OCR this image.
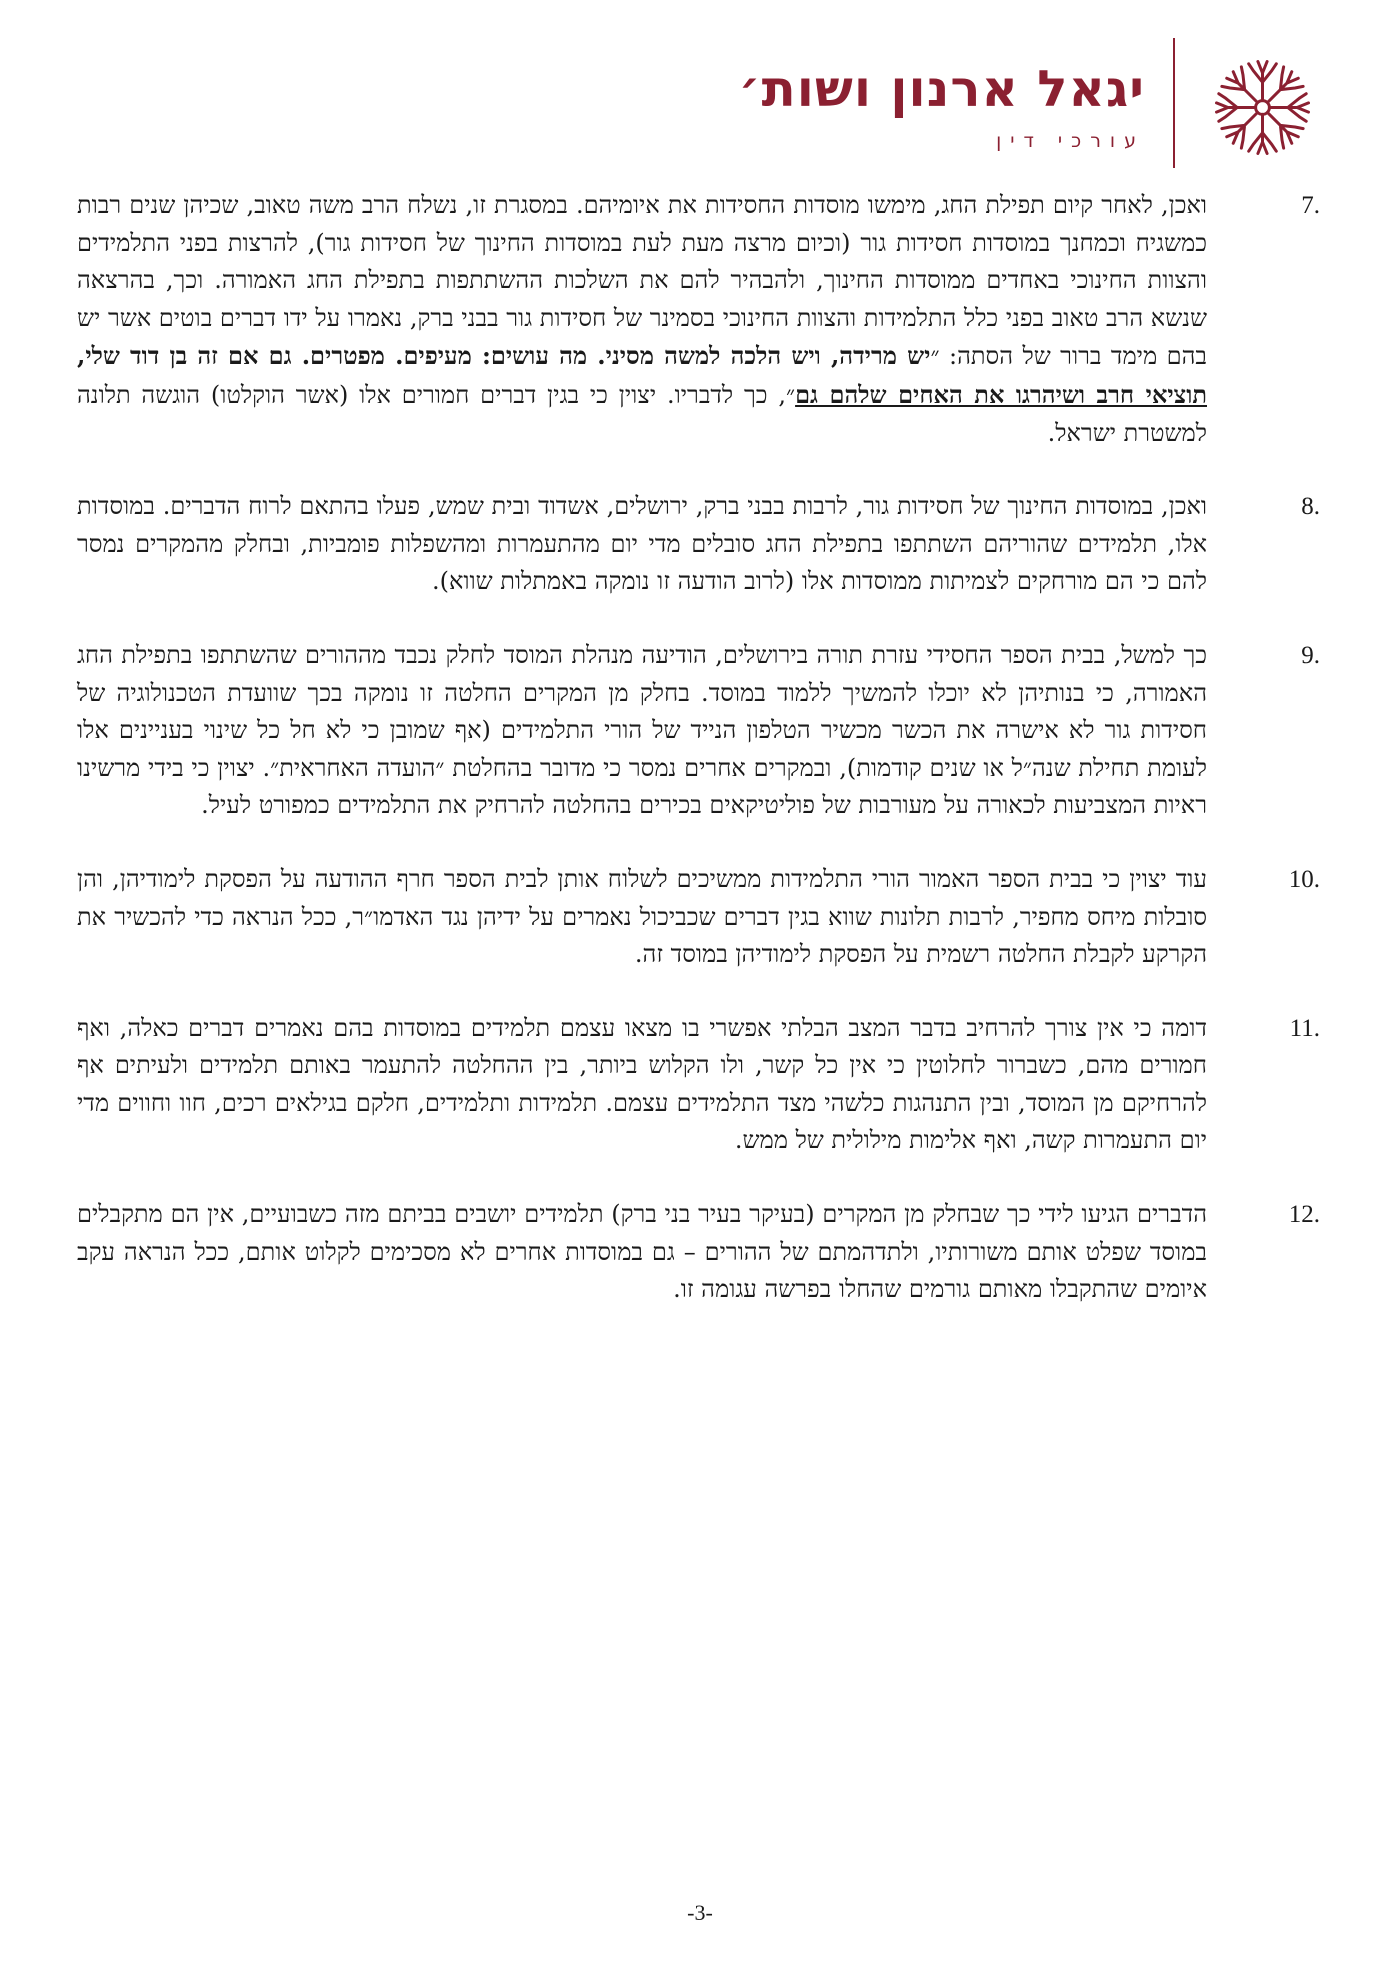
יגאל ארנון ושות׳
עורכי דין
7.
ואכן, לאחר קיום תפילת החג, מימשו מוסדות החסידות את איומיהם. במסגרת זו, נשלח הרב משה טאוב, שכיהן שנים רבות כמשגיח וכמחנך במוסדות חסידות גור (וכיום מרצה מעת לעת במוסדות החינוך של חסידות גור), להרצות בפני התלמידים והצוות החינוכי באחדים ממוסדות החינוך, ולהבהיר להם את השלכות ההשתתפות בתפילת החג האמורה. וכך, בהרצאה שנשא הרב טאוב בפני כלל התלמידות והצוות החינוכי בסמינר של חסידות גור בבני ברק, נאמרו על ידו דברים בוטים אשר יש בהם מימד ברור של הסתה: ״יש מרידה, ויש הלכה למשה מסיני. מה עושים: מעיפים. מפטרים. גם אם זה בן דוד שלי, תוציאי חרב ושיהרגו את האחים שלהם גם״, כך לדבריו. יצוין כי בגין דברים חמורים אלו (אשר הוקלטו) הוגשה תלונה למשטרת ישראל.
8.
ואכן, במוסדות החינוך של חסידות גור, לרבות בבני ברק, ירושלים, אשדוד ובית שמש, פעלו בהתאם לרוח הדברים. במוסדות אלו, תלמידים שהוריהם השתתפו בתפילת החג סובלים מדי יום מהתעמרות ומהשפלות פומביות, ובחלק מהמקרים נמסר להם כי הם מורחקים לצמיתות ממוסדות אלו (לרוב הודעה זו נומקה באמתלות שווא).
9.
כך למשל, בבית הספר החסידי עזרת תורה בירושלים, הודיעה מנהלת המוסד לחלק נכבד מההורים שהשתתפו בתפילת החג האמורה, כי בנותיהן לא יוכלו להמשיך ללמוד במוסד. בחלק מן המקרים החלטה זו נומקה בכך שוועדת הטכנולוגיה של חסידות גור לא אישרה את הכשר מכשיר הטלפון הנייד של הורי התלמידים (אף שמובן כי לא חל כל שינוי בעניינים אלו לעומת תחילת שנה״ל או שנים קודמות), ובמקרים אחרים נמסר כי מדובר בהחלטת ״הועדה האחראית״. יצוין כי בידי מרשינו ראיות המצביעות לכאורה על מעורבות של פוליטיקאים בכירים בהחלטה להרחיק את התלמידים כמפורט לעיל.
10.
עוד יצוין כי בבית הספר האמור הורי התלמידות ממשיכים לשלוח אותן לבית הספר חרף ההודעה על הפסקת לימודיהן, והן סובלות מיחס מחפיר, לרבות תלונות שווא בגין דברים שכביכול נאמרים על ידיהן נגד האדמו״ר, ככל הנראה כדי להכשיר את הקרקע לקבלת החלטה רשמית על הפסקת לימודיהן במוסד זה.
11.
דומה כי אין צורך להרחיב בדבר המצב הבלתי אפשרי בו מצאו עצמם תלמידים במוסדות בהם נאמרים דברים כאלה, ואף חמורים מהם, כשברור לחלוטין כי אין כל קשר, ולו הקלוש ביותר, בין ההחלטה להתעמר באותם תלמידים ולעיתים אף להרחיקם מן המוסד, ובין התנהגות כלשהי מצד התלמידים עצמם. תלמידות ותלמידים, חלקם בגילאים רכים, חוו וחווים מדי יום התעמרות קשה, ואף אלימות מילולית של ממש.
12.
הדברים הגיעו לידי כך שבחלק מן המקרים (בעיקר בעיר בני ברק) תלמידים יושבים בביתם מזה כשבועיים, אין הם מתקבלים במוסד שפלט אותם משורותיו, ולתדהמתם של ההורים – גם במוסדות אחרים לא מסכימים לקלוט אותם, ככל הנראה עקב איומים שהתקבלו מאותם גורמים שהחלו בפרשה עגומה זו.
-3-
